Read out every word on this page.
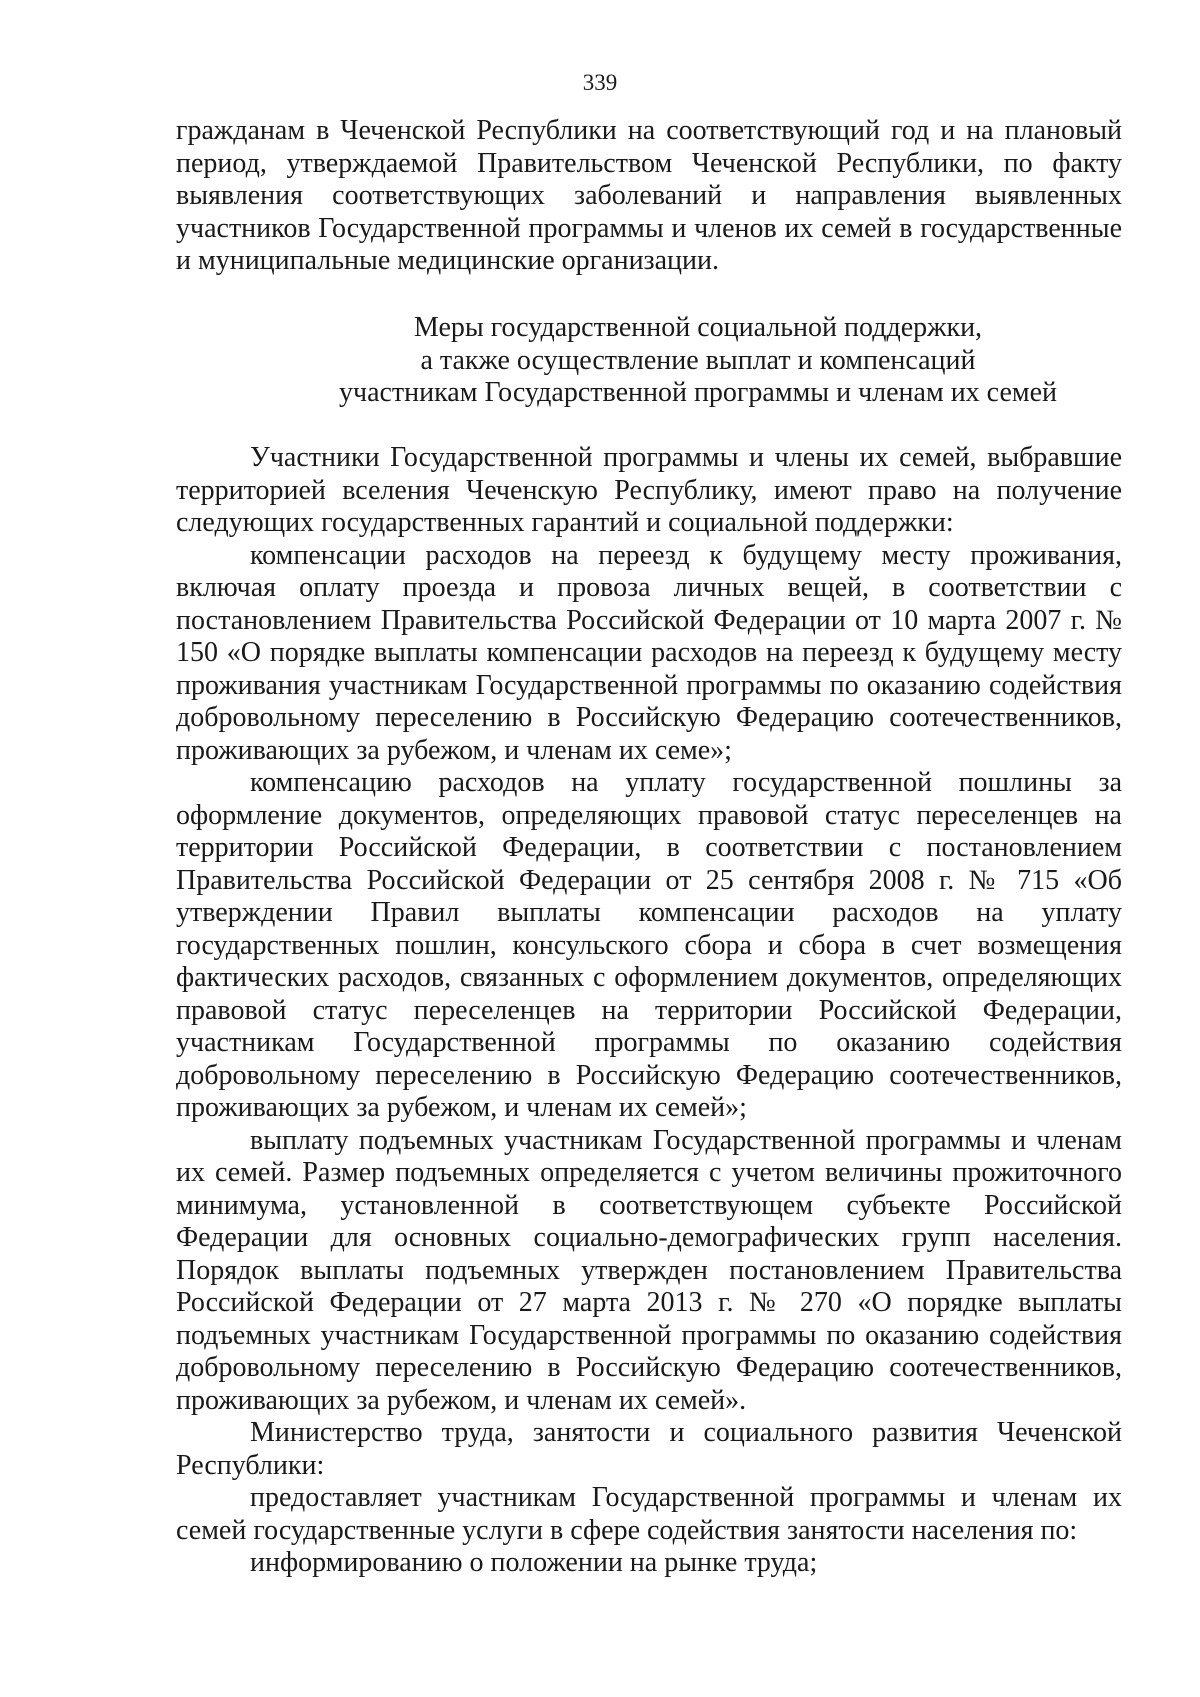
339

гражданам в Чеченской Республики на соответствующий год и на плановый период, утверждаемой Правительством Чеченской Республики, по факту выявления соответствующих заболеваний и направления выявленных участников Государственной программы и членов их семей в государственные и муниципальные медицинские организации.

Меры государственной социальной поддержки,
а также осуществление выплат и компенсаций
участникам Государственной программы и членам их семей

Участники Государственной программы и члены их семей, выбравшие территорией вселения Чеченскую Республику, имеют право на получение следующих государственных гарантий и социальной поддержки:

компенсации расходов на переезд к будущему месту проживания, включая оплату проезда и провоза личных вещей, в соответствии с постановлением Правительства Российской Федерации от 10 марта 2007 г. № 150 «О порядке выплаты компенсации расходов на переезд к будущему месту проживания участникам Государственной программы по оказанию содействия добровольному переселению в Российскую Федерацию соотечественников, проживающих за рубежом, и членам их семе»;

компенсацию расходов на уплату государственной пошлины за оформление документов, определяющих правовой статус переселенцев на территории Российской Федерации, в соответствии с постановлением Правительства Российской Федерации от 25 сентября 2008 г. № 715 «Об утверждении Правил выплаты компенсации расходов на уплату государственных пошлин, консульского сбора и сбора в счет возмещения фактических расходов, связанных с оформлением документов, определяющих правовой статус переселенцев на территории Российской Федерации, участникам Государственной программы по оказанию содействия добровольному переселению в Российскую Федерацию соотечественников, проживающих за рубежом, и членам их семей»;

выплату подъемных участникам Государственной программы и членам их семей. Размер подъемных определяется с учетом величины прожиточного минимума, установленной в соответствующем субъекте Российской Федерации для основных социально-демографических групп населения. Порядок выплаты подъемных утвержден постановлением Правительства Российской Федерации от 27 марта 2013 г. № 270 «О порядке выплаты подъемных участникам Государственной программы по оказанию содействия добровольному переселению в Российскую Федерацию соотечественников, проживающих за рубежом, и членам их семей».

Министерство труда, занятости и социального развития Чеченской Республики:

предоставляет участникам Государственной программы и членам их семей государственные услуги в сфере содействия занятости населения по:

информированию о положении на рынке труда;
